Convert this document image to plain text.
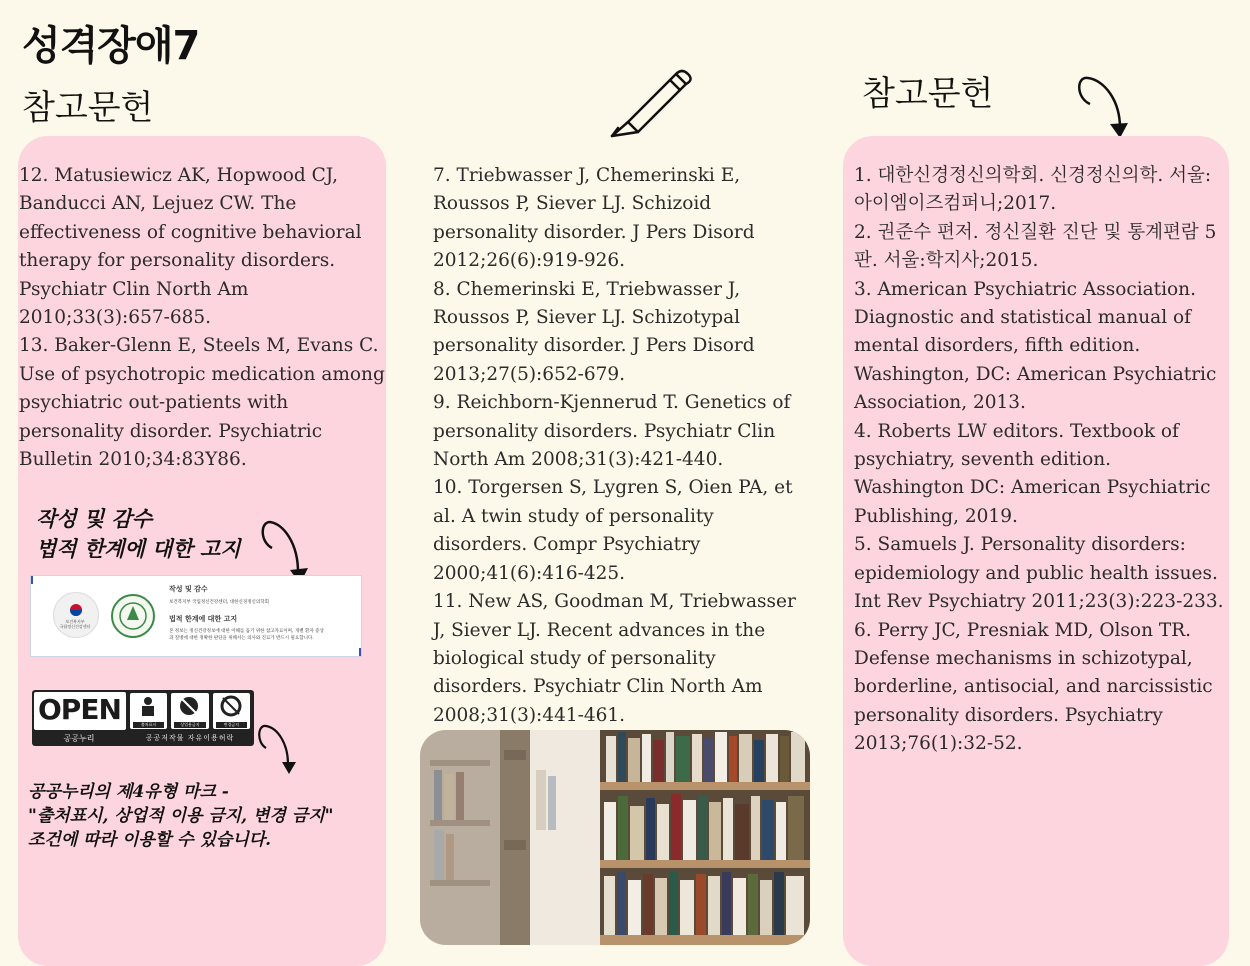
성격장애7
참고문헌	참고문헌
12. Matusiewicz AK, Hopwood CJ, Banducci AN, Lejuez CW. The effectiveness of cognitive behavioral therapy for personality disorders. Psychiatr Clin North Am 2010;33(3):657-685.
13. Baker-Glenn E, Steels M, Evans C. Use of psychotropic medication among psychiatric out-patients with personality disorder. Psychiatric Bulletin 2010;34:83Y86.
작성 및 감수
법적 한계에 대한 고지
보건복지부
국립정신건강센터
작성 및 감수
보건복지부 국립정신건강센터, 대한신경정신의학회
법적 한계에 대한 고지
본 정보는 정신건강정보에 대한 이해를 돕기 위한 참고자료이며, 개별 환자 증상
과 질병에 대한 정확한 판단을 위해서는 의사와 진료가 반드시 필요합니다.
OPEN	출처표시	상업용금지	변경금지
공공누리	공공저작물 자유이용허락
공공누리의 제4유형 마크 -
"출처표시, 상업적 이용 금지, 변경 금지"
조건에 따라 이용할 수 있습니다.
7. Triebwasser J, Chemerinski E, Roussos P, Siever LJ. Schizoid personality disorder. J Pers Disord 2012;26(6):919-926.
8. Chemerinski E, Triebwasser J, Roussos P, Siever LJ. Schizotypal personality disorder. J Pers Disord 2013;27(5):652-679.
9. Reichborn-Kjennerud T. Genetics of personality disorders. Psychiatr Clin North Am 2008;31(3):421-440.
10. Torgersen S, Lygren S, Oien PA, et al. A twin study of personality disorders. Compr Psychiatry 2000;41(6):416-425.
11. New AS, Goodman M, Triebwasser J, Siever LJ. Recent advances in the biological study of personality disorders. Psychiatr Clin North Am 2008;31(3):441-461.
1. 대한신경정신의학회. 신경정신의학. 서울: 아이엠이즈컴퍼니;2017.
2. 권준수 편저. 정신질환 진단 및 통계편람 5판. 서울:학지사;2015.
3. American Psychiatric Association. Diagnostic and statistical manual of mental disorders, fifth edition. Washington, DC: American Psychiatric Association, 2013.
4. Roberts LW editors. Textbook of psychiatry, seventh edition. Washington DC: American Psychiatric Publishing, 2019.
5. Samuels J. Personality disorders: epidemiology and public health issues. Int Rev Psychiatry 2011;23(3):223-233.
6. Perry JC, Presniak MD, Olson TR. Defense mechanisms in schizotypal, borderline, antisocial, and narcissistic personality disorders. Psychiatry 2013;76(1):32-52.
